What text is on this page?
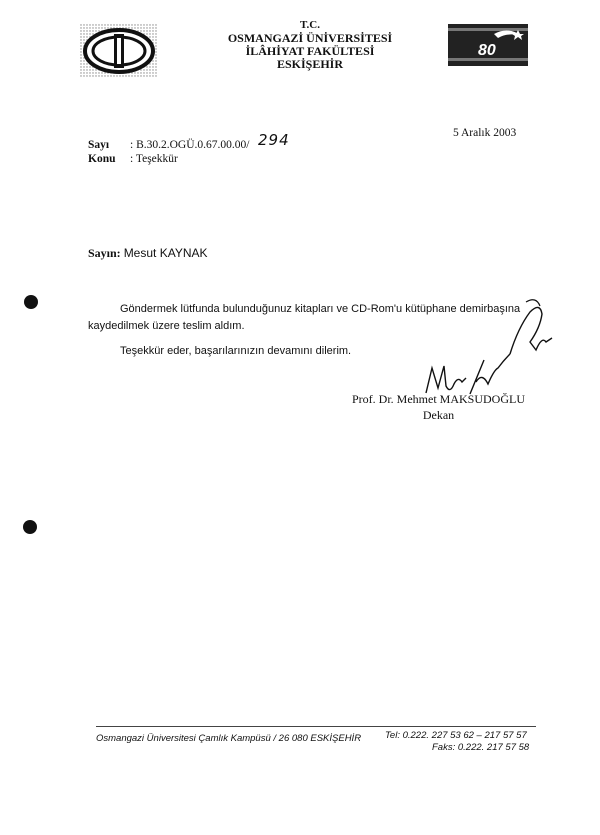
T.C.
OSMANGAZİ ÜNİVERSİTESİ
İLÂHİYAT FAKÜLTESİ
ESKİŞEHİR
80
Sayı : B.30.2.OGÜ.0.67.00.00/ 294
Konu : Teşekkür
5 Aralık 2003
Sayın: Mesut KAYNAK
Göndermek lütfunda bulunduğunuz kitapları ve CD-Rom'u kütüphane demirbaşına
kaydedilmek üzere teslim aldım.
Teşekkür eder, başarılarınızın devamını dilerim.
Prof. Dr. Mehmet MAKSUDOĞLU
Dekan
Osmangazi Üniversitesi Çamlık Kampüsü / 26 080 ESKİŞEHİR	Tel: 0.222. 227 53 62 – 217 57 57
Faks: 0.222. 217 57 58
